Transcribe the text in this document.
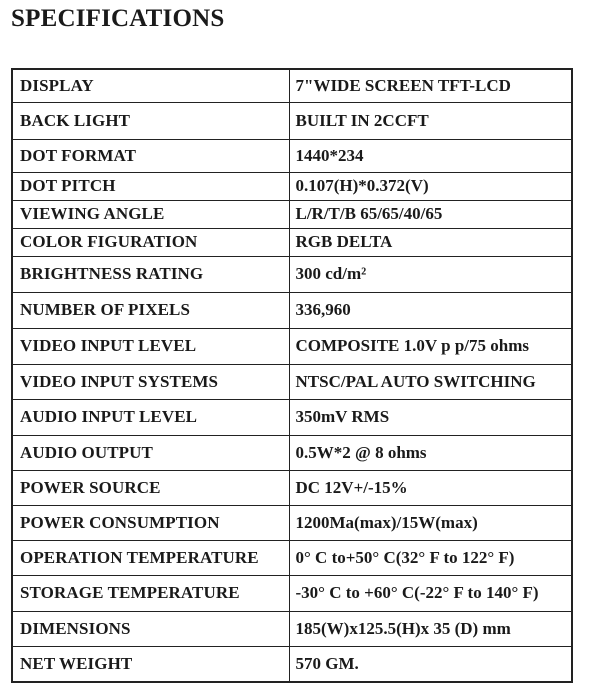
SPECIFICATIONS
DISPLAY	7"WIDE SCREEN TFT-LCD
BACK LIGHT	BUILT IN 2CCFT
DOT FORMAT	1440*234
DOT PITCH	0.107(H)*0.372(V)
VIEWING ANGLE	L/R/T/B 65/65/40/65
COLOR FIGURATION	RGB DELTA
BRIGHTNESS RATING	300 cd/m²
NUMBER OF PIXELS	336,960
VIDEO INPUT LEVEL	COMPOSITE 1.0V p p/75 ohms
VIDEO INPUT SYSTEMS	NTSC/PAL AUTO SWITCHING
AUDIO INPUT LEVEL	350mV RMS
AUDIO OUTPUT	0.5W*2 @ 8 ohms
POWER SOURCE	DC 12V+/-15%
POWER CONSUMPTION	1200Ma(max)/15W(max)
OPERATION TEMPERATURE	0° C to+50° C(32° F to 122° F)
STORAGE TEMPERATURE	-30° C to +60° C(-22° F to 140° F)
DIMENSIONS	185(W)x125.5(H)x 35 (D) mm
NET WEIGHT	570 GM.
